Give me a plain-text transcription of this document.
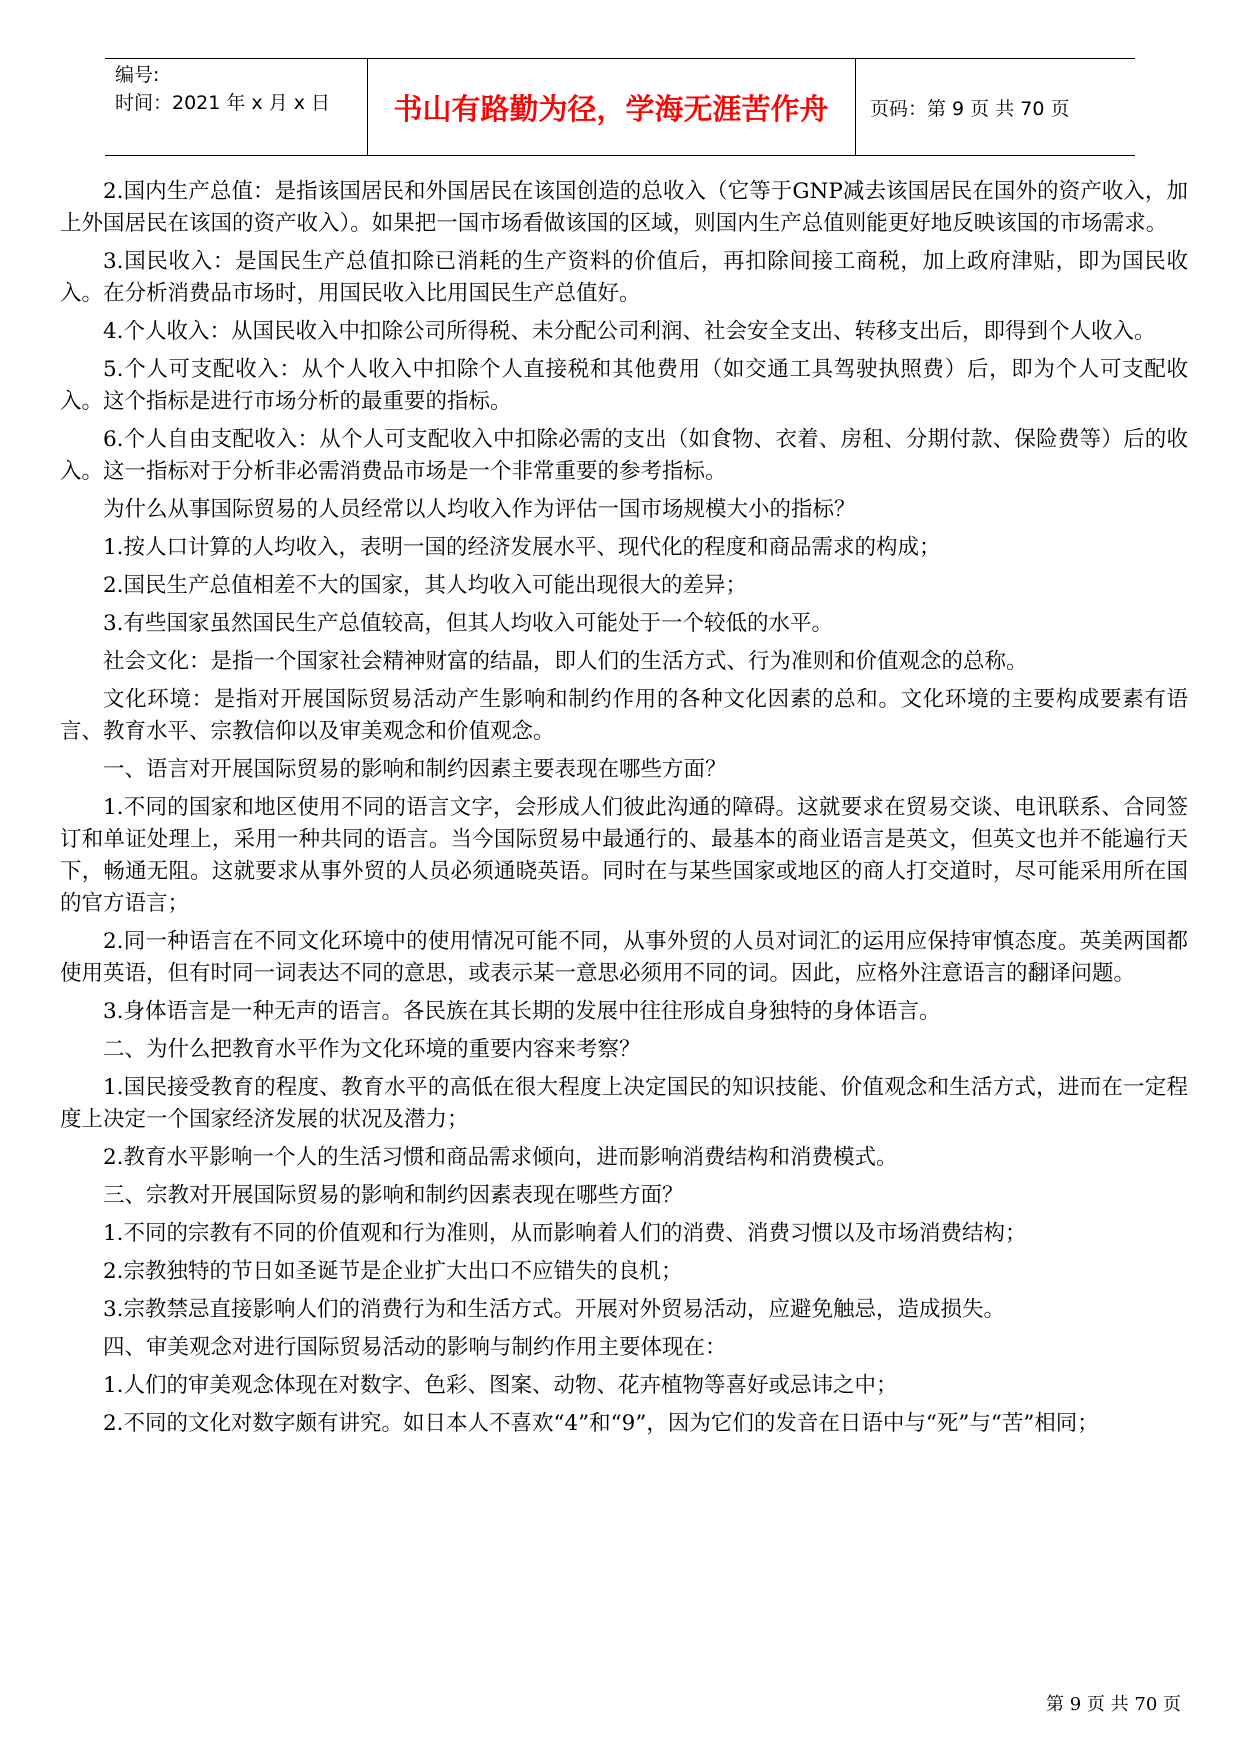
编号:
时间：2021 年 x 月 x 日	书山有路勤为径，学海无涯苦作舟	页码：第 9 页 共 70 页

2.国内生产总值：是指该国居民和外国居民在该国创造的总收入（它等于GNP减去该国居民在国外的资产收入，加上外国居民在该国的资产收入）。如果把一国市场看做该国的区域，则国内生产总值则能更好地反映该国的市场需求。

3.国民收入：是国民生产总值扣除已消耗的生产资料的价值后，再扣除间接工商税，加上政府津贴，即为国民收入。在分析消费品市场时，用国民收入比用国民生产总值好。

4.个人收入：从国民收入中扣除公司所得税、未分配公司利润、社会安全支出、转移支出后，即得到个人收入。

5.个人可支配收入：从个人收入中扣除个人直接税和其他费用（如交通工具驾驶执照费）后，即为个人可支配收入。这个指标是进行市场分析的最重要的指标。

6.个人自由支配收入：从个人可支配收入中扣除必需的支出（如食物、衣着、房租、分期付款、保险费等）后的收入。这一指标对于分析非必需消费品市场是一个非常重要的参考指标。

为什么从事国际贸易的人员经常以人均收入作为评估一国市场规模大小的指标？

1.按人口计算的人均收入，表明一国的经济发展水平、现代化的程度和商品需求的构成；

2.国民生产总值相差不大的国家，其人均收入可能出现很大的差异；

3.有些国家虽然国民生产总值较高，但其人均收入可能处于一个较低的水平。

社会文化：是指一个国家社会精神财富的结晶，即人们的生活方式、行为准则和价值观念的总称。

文化环境：是指对开展国际贸易活动产生影响和制约作用的各种文化因素的总和。文化环境的主要构成要素有语言、教育水平、宗教信仰以及审美观念和价值观念。

一、语言对开展国际贸易的影响和制约因素主要表现在哪些方面？

1.不同的国家和地区使用不同的语言文字，会形成人们彼此沟通的障碍。这就要求在贸易交谈、电讯联系、合同签订和单证处理上，采用一种共同的语言。当今国际贸易中最通行的、最基本的商业语言是英文，但英文也并不能遍行天下，畅通无阻。这就要求从事外贸的人员必须通晓英语。同时在与某些国家或地区的商人打交道时，尽可能采用所在国的官方语言；

2.同一种语言在不同文化环境中的使用情况可能不同，从事外贸的人员对词汇的运用应保持审慎态度。英美两国都使用英语，但有时同一词表达不同的意思，或表示某一意思必须用不同的词。因此，应格外注意语言的翻译问题。

3.身体语言是一种无声的语言。各民族在其长期的发展中往往形成自身独特的身体语言。

二、为什么把教育水平作为文化环境的重要内容来考察？

1.国民接受教育的程度、教育水平的高低在很大程度上决定国民的知识技能、价值观念和生活方式，进而在一定程度上决定一个国家经济发展的状况及潜力；

2.教育水平影响一个人的生活习惯和商品需求倾向，进而影响消费结构和消费模式。

三、宗教对开展国际贸易的影响和制约因素表现在哪些方面？

1.不同的宗教有不同的价值观和行为准则，从而影响着人们的消费、消费习惯以及市场消费结构；

2.宗教独特的节日如圣诞节是企业扩大出口不应错失的良机；

3.宗教禁忌直接影响人们的消费行为和生活方式。开展对外贸易活动，应避免触忌，造成损失。

四、审美观念对进行国际贸易活动的影响与制约作用主要体现在：

1.人们的审美观念体现在对数字、色彩、图案、动物、花卉植物等喜好或忌讳之中；

2.不同的文化对数字颇有讲究。如日本人不喜欢“4”和“9”，因为它们的发音在日语中与“死”与“苦”相同；

第 9 页 共 70 页
